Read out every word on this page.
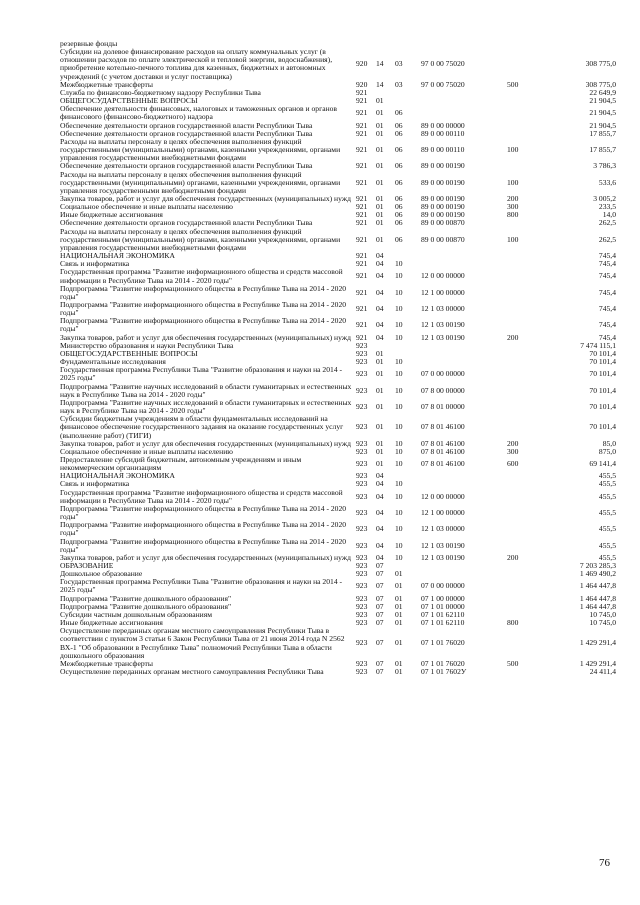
резервные фонды						
Субсидии на долевое финансирование расходов на оплату коммунальных услуг (в отношении расходов по оплате электрической и тепловой энергии, водоснабжения), приобретение котельно-печного топлива для казенных, бюджетных и автономных учреждений (с учетом доставки и услуг поставщика)	920	14	03	97 0 00 75020		308 775,0
Межбюджетные трансферты	920	14	03	97 0 00 75020	500	308 775,0
Служба по финансово-бюджетному надзору Республики Тыва	921					22 649,9
ОБЩЕГОСУДАРСТВЕННЫЕ ВОПРОСЫ	921	01				21 904,5
Обеспечение деятельности финансовых, налоговых и таможенных органов и органов финансового (финансово-бюджетного) надзора	921	01	06			21 904,5
Обеспечение деятельности органов государственной власти Республики Тыва	921	01	06	89 0 00 00000		21 904,5
Обеспечение деятельности органов государственной власти Республики Тыва	921	01	06	89 0 00 00110		17 855,7
Расходы на выплаты персоналу в целях обеспечения выполнения функций государственными (муниципальными) органами, казенными учреждениями, органами управления государственными внебюджетными фондами	921	01	06	89 0 00 00110	100	17 855,7
Обеспечение деятельности органов государственной власти Республики Тыва	921	01	06	89 0 00 00190		3 786,3
Расходы на выплаты персоналу в целях обеспечения выполнения функций государственными (муниципальными) органами, казенными учреждениями, органами управления государственными внебюджетными фондами	921	01	06	89 0 00 00190	100	533,6
Закупка товаров, работ и услуг для обеспечения государственных (муниципальных) нужд	921	01	06	89 0 00 00190	200	3 005,2
Социальное обеспечение и иные выплаты населению	921	01	06	89 0 00 00190	300	233,5
Иные бюджетные ассигнования	921	01	06	89 0 00 00190	800	14,0
Обеспечение деятельности органов государственной власти Республики Тыва	921	01	06	89 0 00 00870		262,5
Расходы на выплаты персоналу в целях обеспечения выполнения функций государственными (муниципальными) органами, казенными учреждениями, органами управления государственными внебюджетными фондами	921	01	06	89 0 00 00870	100	262,5
НАЦИОНАЛЬНАЯ ЭКОНОМИКА	921	04				745,4
Связь и информатика	921	04	10			745,4
Государственная программа "Развитие информационного общества и средств массовой информации в Республике Тыва на 2014 - 2020 годы"	921	04	10	12 0 00 00000		745,4
Подпрограмма "Развитие информационного общества в Республике Тыва на 2014 - 2020 годы"	921	04	10	12 1 00 00000		745,4
Подпрограмма "Развитие информационного общества в Республике Тыва на 2014 - 2020 годы"	921	04	10	12 1 03 00000		745,4
Подпрограмма "Развитие информационного общества в Республике Тыва на 2014 - 2020 годы"	921	04	10	12 1 03 00190		745,4
Закупка товаров, работ и услуг для обеспечения государственных (муниципальных) нужд	921	04	10	12 1 03 00190	200	745,4
Министерство образования и науки Республики Тыва	923					7 474 115,1
ОБЩЕГОСУДАРСТВЕННЫЕ ВОПРОСЫ	923	01				70 101,4
Фундаментальные исследования	923	01	10			70 101,4
Государственная программа Республики Тыва "Развитие образования и науки на 2014 - 2025 годы"	923	01	10	07 0 00 00000		70 101,4
Подпрограмма "Развитие научных исследований в области гуманитарных и естественных наук в Республике Тыва на 2014 - 2020 годы"	923	01	10	07 8 00 00000		70 101,4
Подпрограмма "Развитие научных исследований в области гуманитарных и естественных наук в Республике Тыва на 2014 - 2020 годы"	923	01	10	07 8 01 00000		70 101,4
Субсидии бюджетным учреждениям в области фундаментальных исследований на финансовое обеспечение государственного задания на оказание государственных услуг (выполнение работ) (ТИГИ)	923	01	10	07 8 01 46100		70 101,4
Закупка товаров, работ и услуг для обеспечения государственных (муниципальных) нужд	923	01	10	07 8 01 46100	200	85,0
Социальное обеспечение и иные выплаты населению	923	01	10	07 8 01 46100	300	875,0
Предоставление субсидий бюджетным, автономным учреждениям и иным некоммерческим организациям	923	01	10	07 8 01 46100	600	69 141,4
НАЦИОНАЛЬНАЯ ЭКОНОМИКА	923	04				455,5
Связь и информатика	923	04	10			455,5
Государственная программа "Развитие информационного общества и средств массовой информации в Республике Тыва на 2014 - 2020 годы"	923	04	10	12 0 00 00000		455,5
Подпрограмма "Развитие информационного общества в Республике Тыва на 2014 - 2020 годы"	923	04	10	12 1 00 00000		455,5
Подпрограмма "Развитие информационного общества в Республике Тыва на 2014 - 2020 годы"	923	04	10	12 1 03 00000		455,5
Подпрограмма "Развитие информационного общества в Республике Тыва на 2014 - 2020 годы"	923	04	10	12 1 03 00190		455,5
Закупка товаров, работ и услуг для обеспечения государственных (муниципальных) нужд	923	04	10	12 1 03 00190	200	455,5
ОБРАЗОВАНИЕ	923	07				7 203 285,3
Дошкольное образование	923	07	01			1 469 490,2
Государственная программа Республики Тыва "Развитие образования и науки на 2014 - 2025 годы"	923	07	01	07 0 00 00000		1 464 447,8
Подпрограмма "Развитие дошкольного образования"	923	07	01	07 1 00 00000		1 464 447,8
Подпрограмма "Развитие дошкольного образования"	923	07	01	07 1 01 00000		1 464 447,8
Субсидии частным дошкольным образованиям	923	07	01	07 1 01 62110		10 745,0
Иные бюджетные ассигнования	923	07	01	07 1 01 62110	800	10 745,0
Осуществление переданных органам местного самоуправления Республики Тыва в соответствии с пунктом 3 статьи 6 Закон Республики Тыва от 21 июня 2014 года N 2562 ВХ-1 "Об образовании в Республике Тыва" полномочий Республики Тыва в области дошкольного образования	923	07	01	07 1 01 76020		1 429 291,4
Межбюджетные трансферты	923	07	01	07 1 01 76020	500	1 429 291,4
Осуществление переданных органам местного самоуправления Республики Тыва	923	07	01	07 1 01 7602У		24 411,4
76
